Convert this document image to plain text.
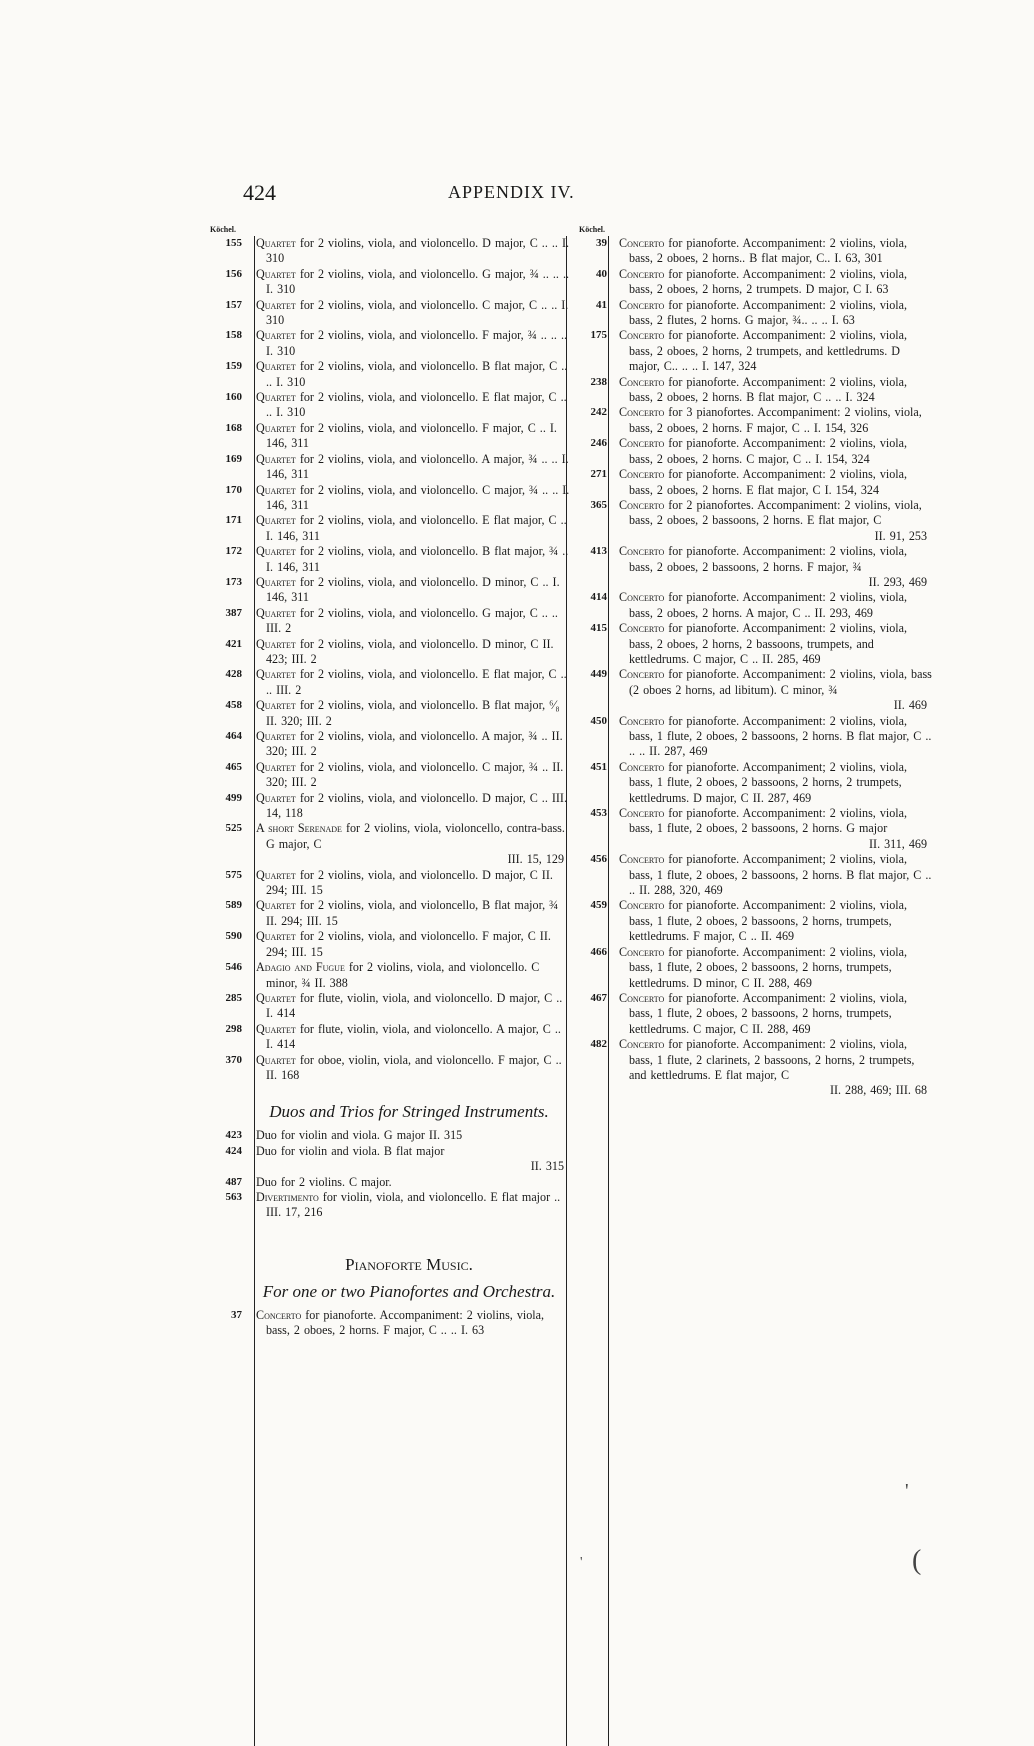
424	APPENDIX IV.
Köchel.
155 Quartet for 2 violins, viola, and violoncello. D major, C .. .. I. 310
156 Quartet for 2 violins, viola, and violoncello. G major, ¾ .. .. .. I. 310
157 Quartet for 2 violins, viola, and violoncello. C major, C .. .. I. 310
158 Quartet for 2 violins, viola, and violoncello. F major, ¾ .. .. .. I. 310
159 Quartet for 2 violins, viola, and violoncello. B flat major, C .. .. I. 310
160 Quartet for 2 violins, viola, and violoncello. E flat major, C .. .. I. 310
168 Quartet for 2 violins, viola, and violoncello. F major, C .. I. 146, 311
169 Quartet for 2 violins, viola, and violoncello. A major, ¾ .. .. I. 146, 311
170 Quartet for 2 violins, viola, and violoncello. C major, ¾ .. .. I. 146, 311
171 Quartet for 2 violins, viola, and violoncello. E flat major, C .. I. 146, 311
172 Quartet for 2 violins, viola, and violoncello. B flat major, ¾ .. I. 146, 311
173 Quartet for 2 violins, viola, and violoncello. D minor, C .. I. 146, 311
387 Quartet for 2 violins, viola, and violoncello. G major, C .. .. III. 2
421 Quartet for 2 violins, viola, and violoncello. D minor, C II. 423; III. 2
428 Quartet for 2 violins, viola, and violoncello. E flat major, C .. .. III. 2
458 Quartet for 2 violins, viola, and violoncello. B flat major, ⁶⁄₈ II. 320; III. 2
464 Quartet for 2 violins, viola, and violoncello. A major, ¾ .. II. 320; III. 2
465 Quartet for 2 violins, viola, and violoncello. C major, ¾ .. II. 320; III. 2
499 Quartet for 2 violins, viola, and violoncello. D major, C .. III. 14, 118
525 A short Serenade for 2 violins, viola, violoncello, contra-bass. G major, C
III. 15, 129
575 Quartet for 2 violins, viola, and violoncello. D major, C II. 294; III. 15
589 Quartet for 2 violins, viola, and violoncello, B flat major, ¾ II. 294; III. 15
590 Quartet for 2 violins, viola, and violoncello. F major, C II. 294; III. 15
546 Adagio and Fugue for 2 violins, viola, and violoncello. C minor, ¾ II. 388
285 Quartet for flute, violin, viola, and violoncello. D major, C .. I. 414
298 Quartet for flute, violin, viola, and violoncello. A major, C .. I. 414
370 Quartet for oboe, violin, viola, and violoncello. F major, C .. II. 168
Duos and Trios for Stringed Instruments.
423 Duo for violin and viola. G major II. 315
424 Duo for violin and viola. B flat major
II. 315
487 Duo for 2 violins. C major.
563 Divertimento for violin, viola, and violoncello. E flat major .. III. 17, 216
Pianoforte Music.
For one or two Pianofortes and Orchestra.
37 Concerto for pianoforte. Accompaniment: 2 violins, viola, bass, 2 oboes, 2 horns. F major, C .. .. I. 63
Köchel.
39 Concerto for pianoforte. Accompaniment: 2 violins, viola, bass, 2 oboes, 2 horns.. B flat major, C.. I. 63, 301
40 Concerto for pianoforte. Accompaniment: 2 violins, viola, bass, 2 oboes, 2 horns, 2 trumpets. D major, C I. 63
41 Concerto for pianoforte. Accompaniment: 2 violins, viola, bass, 2 flutes, 2 horns. G major, ¾.. .. .. I. 63
175 Concerto for pianoforte. Accompaniment: 2 violins, viola, bass, 2 oboes, 2 horns, 2 trumpets, and kettledrums. D major, C.. .. .. I. 147, 324
238 Concerto for pianoforte. Accompaniment: 2 violins, viola, bass, 2 oboes, 2 horns. B flat major, C .. .. I. 324
242 Concerto for 3 pianofortes. Accompaniment: 2 violins, viola, bass, 2 oboes, 2 horns. F major, C .. I. 154, 326
246 Concerto for pianoforte. Accompaniment: 2 violins, viola, bass, 2 oboes, 2 horns. C major, C .. I. 154, 324
271 Concerto for pianoforte. Accompaniment: 2 violins, viola, bass, 2 oboes, 2 horns. E flat major, C I. 154, 324
365 Concerto for 2 pianofortes. Accompaniment: 2 violins, viola, bass, 2 oboes, 2 bassoons, 2 horns. E flat major, C
II. 91, 253
413 Concerto for pianoforte. Accompaniment: 2 violins, viola, bass, 2 oboes, 2 bassoons, 2 horns. F major, ¾
II. 293, 469
414 Concerto for pianoforte. Accompaniment: 2 violins, viola, bass, 2 oboes, 2 horns. A major, C .. II. 293, 469
415 Concerto for pianoforte. Accompaniment: 2 violins, viola, bass, 2 oboes, 2 horns, 2 bassoons, trumpets, and kettledrums. C major, C .. II. 285, 469
449 Concerto for pianoforte. Accompaniment: 2 violins, viola, bass (2 oboes 2 horns, ad libitum). C minor, ¾
II. 469
450 Concerto for pianoforte. Accompaniment: 2 violins, viola, bass, 1 flute, 2 oboes, 2 bassoons, 2 horns. B flat major, C .. .. .. II. 287, 469
451 Concerto for pianoforte. Accompaniment; 2 violins, viola, bass, 1 flute, 2 oboes, 2 bassoons, 2 horns, 2 trumpets, kettledrums. D major, C II. 287, 469
453 Concerto for pianoforte. Accompaniment: 2 violins, viola, bass, 1 flute, 2 oboes, 2 bassoons, 2 horns. G major
II. 311, 469
456 Concerto for pianoforte. Accompaniment; 2 violins, viola, bass, 1 flute, 2 oboes, 2 bassoons, 2 horns. B flat major, C .. .. II. 288, 320, 469
459 Concerto for pianoforte. Accompaniment: 2 violins, viola, bass, 1 flute, 2 oboes, 2 bassoons, 2 horns, trumpets, kettledrums. F major, C .. II. 469
466 Concerto for pianoforte. Accompaniment: 2 violins, viola, bass, 1 flute, 2 oboes, 2 bassoons, 2 horns, trumpets, kettledrums. D minor, C II. 288, 469
467 Concerto for pianoforte. Accompaniment: 2 violins, viola, bass, 1 flute, 2 oboes, 2 bassoons, 2 horns, trumpets, kettledrums. C major, C II. 288, 469
482 Concerto for pianoforte. Accompaniment: 2 violins, viola, bass, 1 flute, 2 clarinets, 2 bassoons, 2 horns, 2 trumpets, and kettledrums. E flat major, C
II. 288, 469; III. 68
'
'	(
